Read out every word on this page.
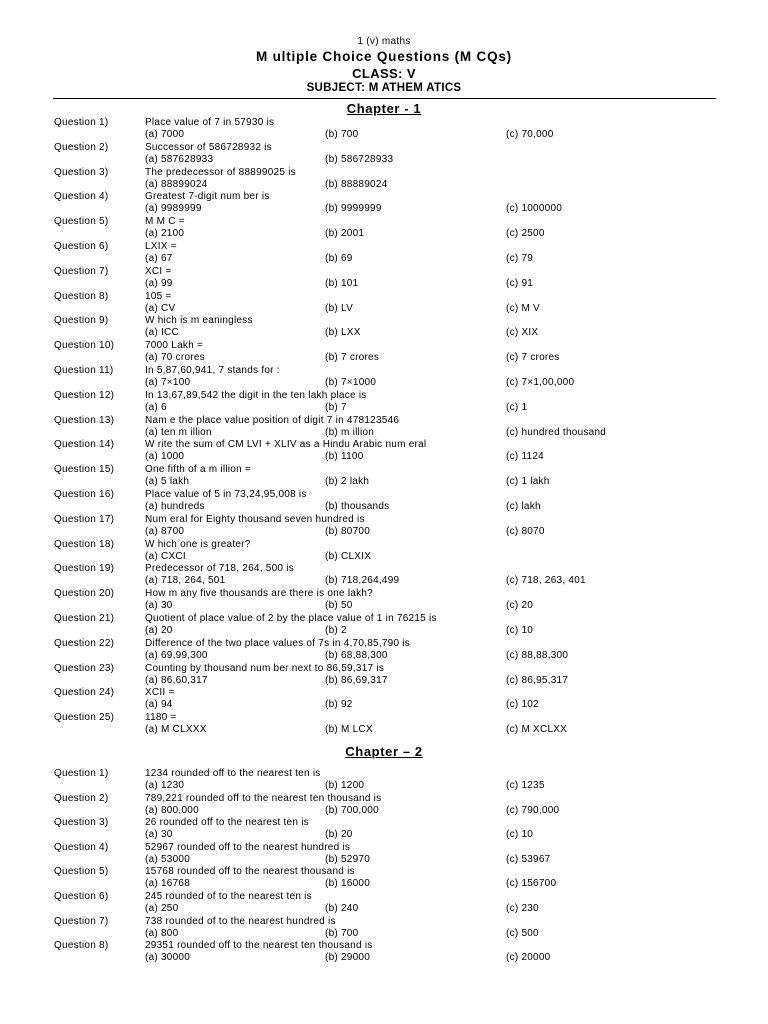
1 (v) maths
M ultiple Choice Questions (M CQs)
CLASS: V
SUBJECT: M ATHEM ATICS
Chapter - 1
Question 1)	Place value of 7 in 57930 is
(a) 7000	(b) 700	(c) 70,000
Question 2)	Successor of 586728932 is
(a) 587628933	(b) 586728933
Question 3)	The predecessor of 88899025 is
(a) 88899024	(b) 88889024
Question 4)	Greatest 7-digit num ber is
(a) 9989999	(b) 9999999	(c) 1000000
Question 5)	M M C =
(a) 2100	(b) 2001	(c) 2500
Question 6)	LXIX =
(a) 67	(b) 69	(c) 79
Question 7)	XCI =
(a) 99	(b) 101	(c) 91
Question 8)	105 =
(a) CV	(b) LV	(c) M V
Question 9)	W hich is m eaningless
(a) ICC	(b) LXX	(c) XIX
Question 10)	7000 Lakh =
(a) 70 crores	(b) 7 crores	(c) 7 crores
Question 11)	In 5,87,60,941, 7 stands for :
(a) 7×100	(b) 7×1000	(c) 7×1,00,000
Question 12)	In 13,67,89,542 the digit in the ten lakh place is
(a) 6	(b) 7	(c) 1
Question 13)	Nam e the place value position of digit 7 in 478123546
(a) ten m illion	(b) m illion	(c) hundred thousand
Question 14)	W rite the sum of CM LVI + XLIV as a Hindu Arabic num eral
(a) 1000	(b) 1100	(c) 1124
Question 15)	One fifth of a m illion =
(a) 5 lakh	(b) 2 lakh	(c) 1 lakh
Question 16)	Place value of 5 in 73,24,95,008 is
(a) hundreds	(b) thousands	(c) lakh
Question 17)	Num eral for Eighty thousand seven hundred is
(a) 8700	(b) 80700	(c) 8070
Question 18)	W hich one is greater?
(a) CXCI	(b) CLXIX
Question 19)	Predecessor of 718, 264, 500 is
(a) 718, 264, 501	(b) 718,264,499	(c) 718, 263, 401
Question 20)	How m any five thousands are there is one lakh?
(a) 30	(b) 50	(c) 20
Question 21)	Quotient of place value of 2 by the place value of 1 in 76215 is
(a) 20	(b) 2	(c) 10
Question 22)	Difference of the two place values of 7s in 4,70,85,790 is
(a) 69,99,300	(b) 68,88,300	(c) 88,88,300
Question 23)	Counting by thousand num ber next to 86,59,317 is
(a) 86,60,317	(b) 86,69,317	(c) 86,95,317
Question 24)	XCII =
(a) 94	(b) 92	(c) 102
Question 25)	1180 =
(a) M CLXXX	(b) M LCX	(c) M XCLXX
Chapter – 2
Question 1)	1234 rounded off to the nearest ten is
(a) 1230	(b) 1200	(c) 1235
Question 2)	789,221 rounded off to the nearest ten thousand is
(a) 800,000	(b) 700,000	(c) 790,000
Question 3)	26 rounded off to the nearest ten is
(a) 30	(b) 20	(c) 10
Question 4)	52967 rounded off to the nearest hundred is
(a) 53000	(b) 52970	(c) 53967
Question 5)	15768 rounded off to the nearest thousand is
(a) 16768	(b) 16000	(c) 156700
Question 6)	245 rounded of to the nearest ten is
(a) 250	(b) 240	(c) 230
Question 7)	738 rounded of to the nearest hundred is
(a) 800	(b) 700	(c) 500
Question 8)	29351 rounded off to the nearest ten thousand is
(a) 30000	(b) 29000	(c) 20000
